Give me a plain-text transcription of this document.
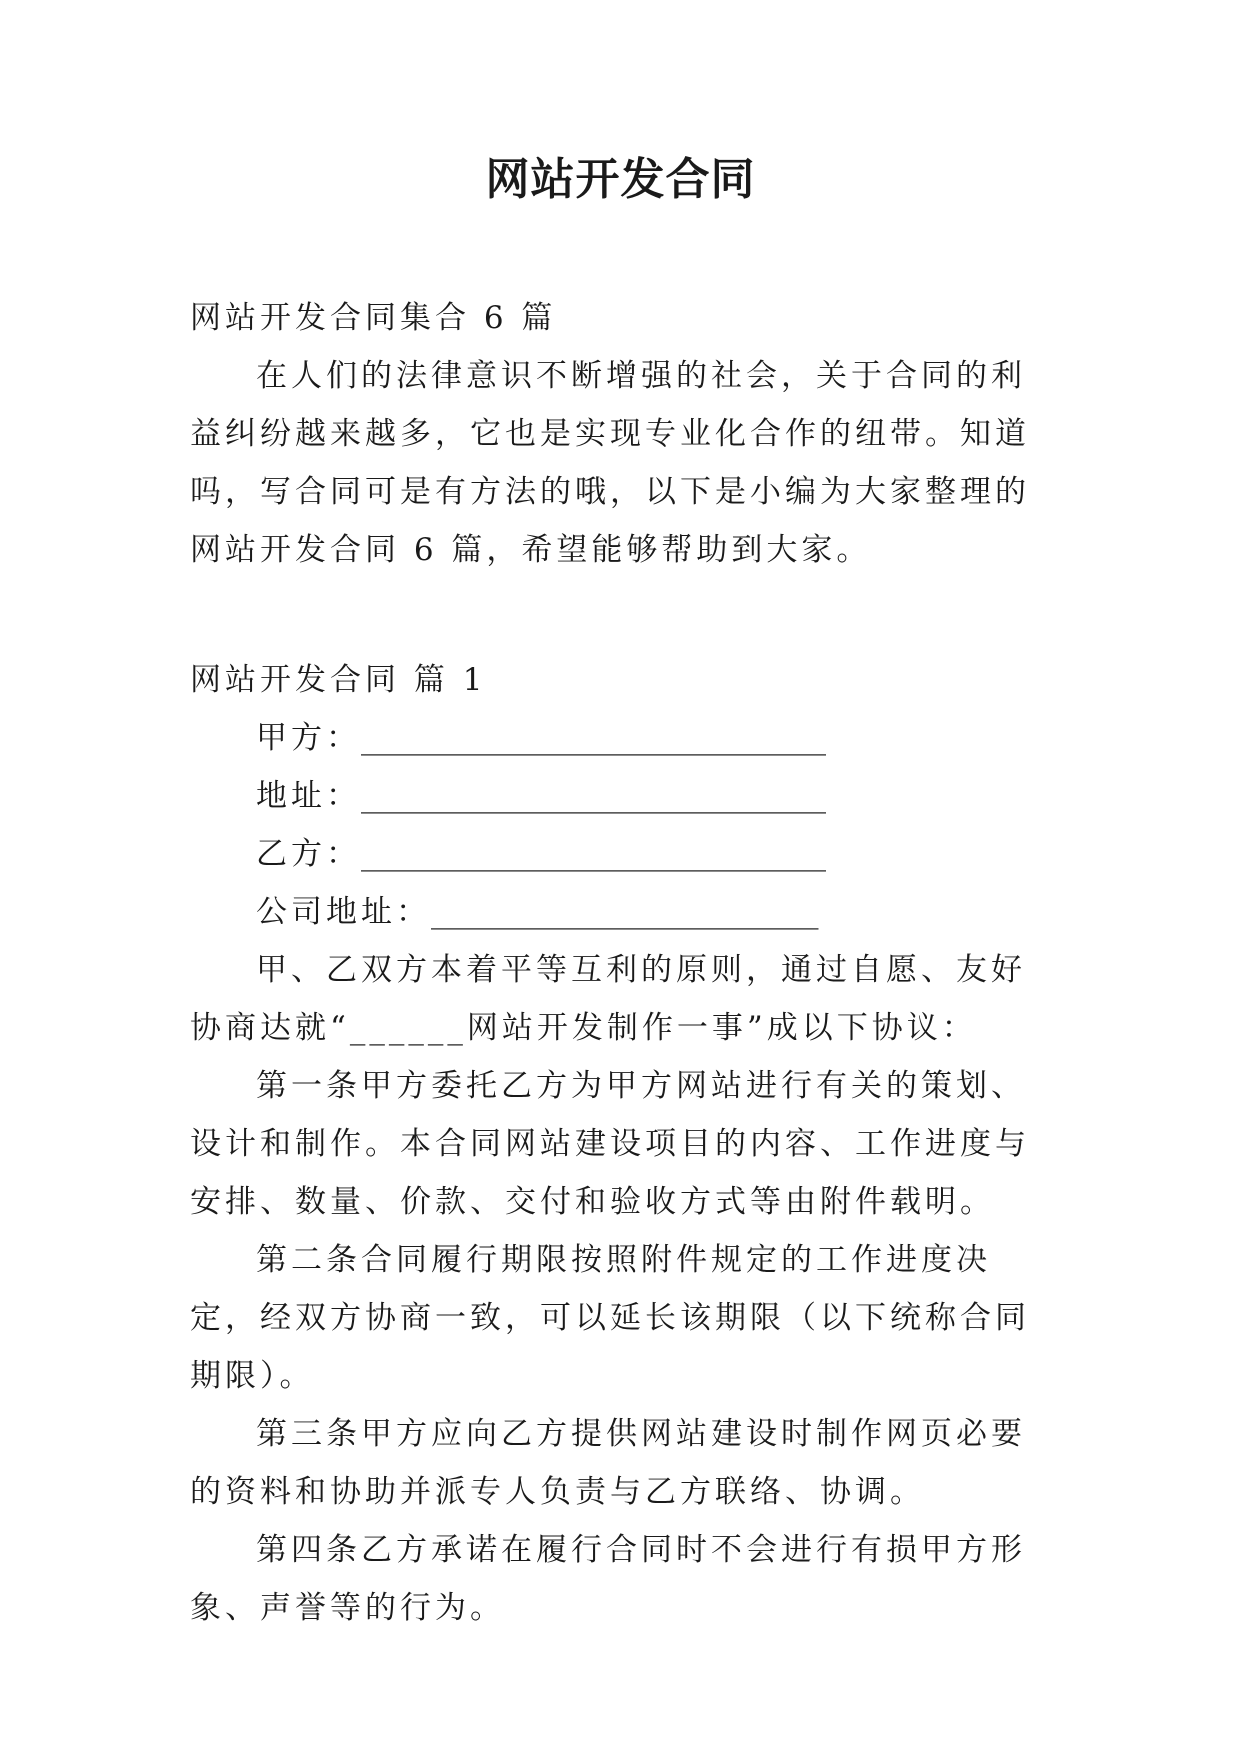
网站开发合同

网站开发合同集合 6 篇

在人们的法律意识不断增强的社会，关于合同的利益纠纷越来越多，它也是实现专业化合作的纽带。知道吗，写合同可是有方法的哦，以下是小编为大家整理的网站开发合同 6 篇，希望能够帮助到大家。

网站开发合同 篇 1

甲方：______________________________

地址：______________________________

乙方：______________________________

公司地址：_________________________

甲、乙双方本着平等互利的原则，通过自愿、友好协商达就“______网站开发制作一事”成以下协议：

第一条甲方委托乙方为甲方网站进行有关的策划、设计和制作。本合同网站建设项目的内容、工作进度与安排、数量、价款、交付和验收方式等由附件载明。

第二条合同履行期限按照附件规定的工作进度决定，经双方协商一致，可以延长该期限（以下统称合同期限）。

第三条甲方应向乙方提供网站建设时制作网页必要的资料和协助并派专人负责与乙方联络、协调。

第四条乙方承诺在履行合同时不会进行有损甲方形象、声誉等的行为。
